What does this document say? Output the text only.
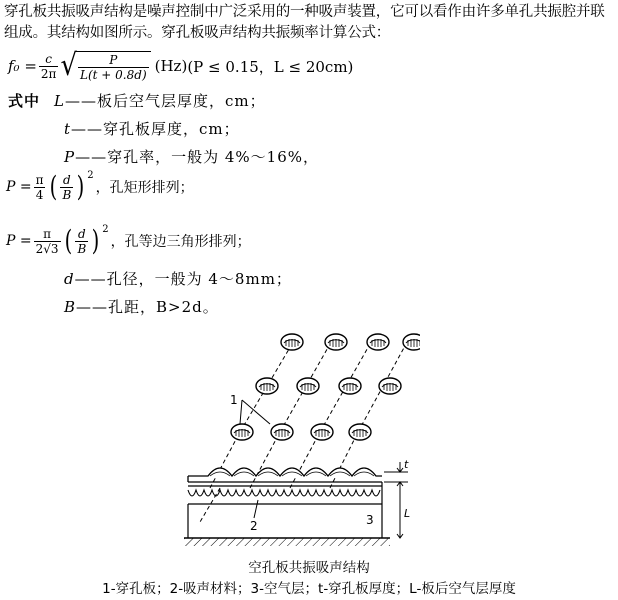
穿孔板共振吸声结构是噪声控制中广泛采用的一种吸声装置，它可以看作由许多单孔共振腔并联组成。其结构如图所示。穿孔板吸声结构共振频率计算公式：
$f_0 = \frac{c}{2\pi}$ √ $\frac{P}{L(t + 0.8d)} (Hz) (P \le 0.15$，L ≤ 20cm)
式中 L——板后空气层厚度，cm；
t——穿孔板厚度，cm；
P——穿孔率，一般为 4%～16%，
$P = \frac{\pi}{4}$ ( $\frac{d}{B}$ ) 2
，孔矩形排列；
$P = \frac{\pi}{2√3}$ ( $\frac{d}{B}$ ) 2
，孔等边三角形排列；
d——孔径，一般为 4～8mm；
B——孔距，B>2d。
1
t
L
2	3
空孔板共振吸声结构
1-穿孔板；2-吸声材料；3-空气层；t-穿孔板厚度；L-板后空气层厚度
